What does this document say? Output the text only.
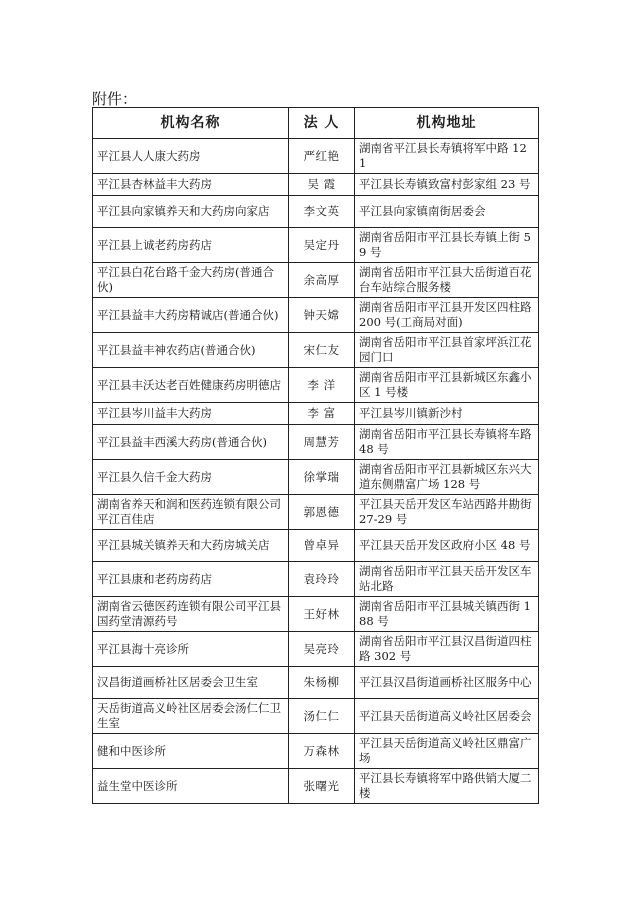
附件：
机构名称	法 人	机构地址
平江县人人康大药房	严红艳	湖南省平江县长寿镇将军中路 121
平江县杏林益丰大药房	吴 霞	平江县长寿镇致富村彭家组 23 号
平江县向家镇养天和大药房向家店	李文英	平江县向家镇南街居委会
平江县上诚老药房药店	吴定丹	湖南省岳阳市平江县长寿镇上街 59 号
平江县白花台路千金大药房(普通合伙)	余高厚	湖南省岳阳市平江县大岳街道百花台车站综合服务楼
平江县益丰大药房精诚店(普通合伙)	钟天嫦	湖南省岳阳市平江县开发区四柱路 200 号(工商局对面)
平江县益丰神农药店(普通合伙)	宋仁友	湖南省岳阳市平江县首家坪浜江花园门口
平江县丰沃达老百姓健康药房明德店	李 洋	湖南省岳阳市平江县新城区东鑫小区 1 号楼
平江县岑川益丰大药房	李 富	平江县岑川镇新沙村
平江县益丰西溪大药房(普通合伙)	周慧芳	湖南省岳阳市平江县长寿镇将车路 48 号
平江县久信千金大药房	徐掌瑞	湖南省岳阳市平江县新城区东兴大道东侧鼎富广场 128 号
湖南省养天和润和医药连锁有限公司平江百佳店	郭恩德	平江县天岳开发区车站西路井勘街 27-29 号
平江县城关镇养天和大药房城关店	曾卓异	平江县天岳开发区政府小区 48 号
平江县康和老药房药店	袁玲玲	湖南省岳阳市平江县天岳开发区车站北路
湖南省云德医药连锁有限公司平江县国药堂清源药号	王好林	湖南省岳阳市平江县城关镇西街 188 号
平江县海十亮诊所	吴亮玲	湖南省岳阳市平江县汉昌街道四柱路 302 号
汉昌街道画桥社区居委会卫生室	朱杨柳	平江县汉昌街道画桥社区服务中心
天岳街道高义岭社区居委会汤仁仁卫生室	汤仁仁	平江县天岳街道高义岭社区居委会
健和中医诊所	万森林	平江县天岳街道高义岭社区鼎富广场
益生堂中医诊所	张曙光	平江县长寿镇将军中路供销大厦二楼
